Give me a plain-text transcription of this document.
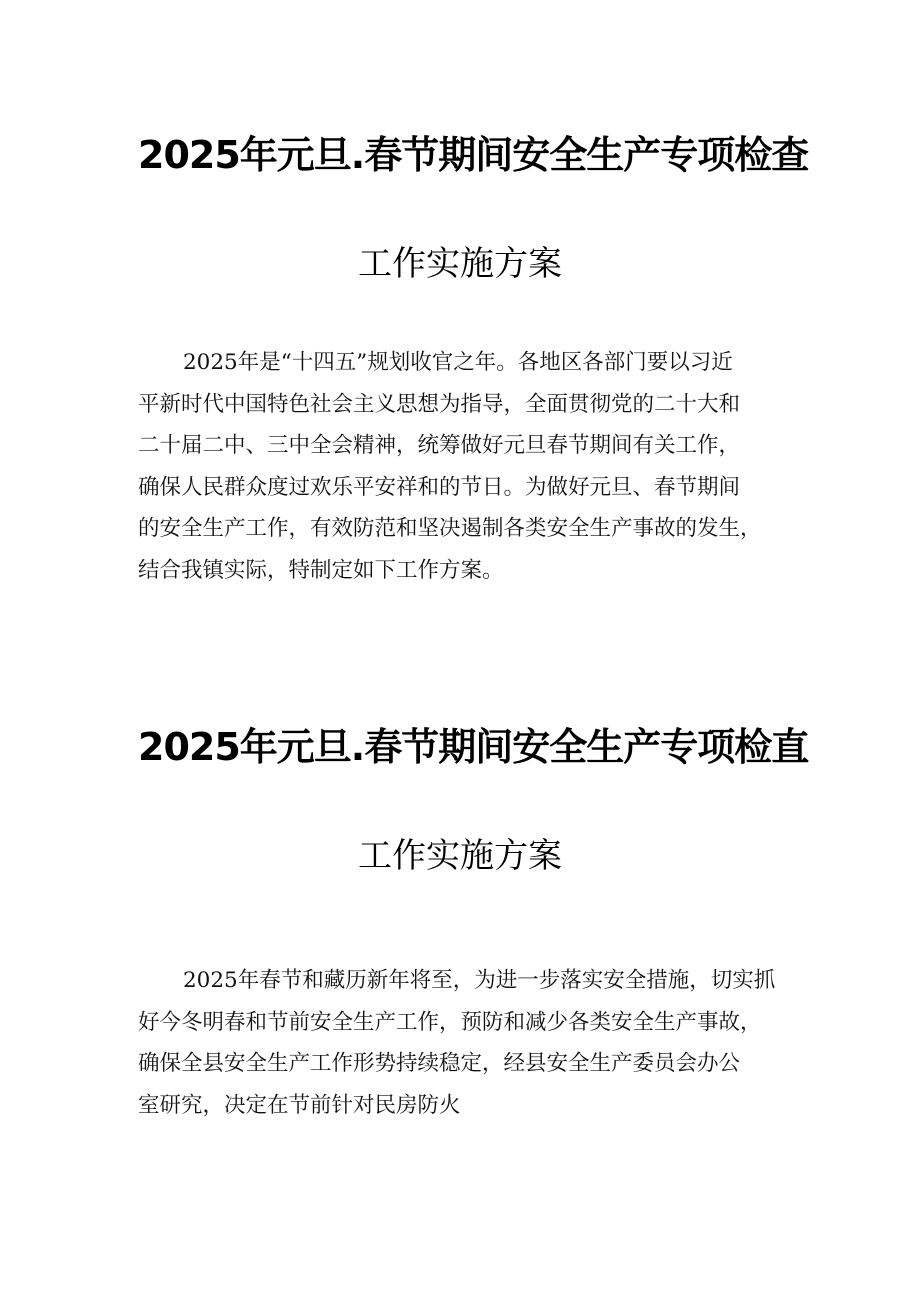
2025年元旦.春节期间安全生产专项检查
工作实施方案
2025年是“十四五”规划收官之年。各地区各部门要以习近
平新时代中国特色社会主义思想为指导，全面贯彻党的二十大和
二十届二中、三中全会精神，统筹做好元旦春节期间有关工作，
确保人民群众度过欢乐平安祥和的节日。为做好元旦、春节期间
的安全生产工作，有效防范和坚决遏制各类安全生产事故的发生，
结合我镇实际，特制定如下工作方案。
2025年元旦.春节期间安全生产专项检直
工作实施方案
2025年春节和藏历新年将至，为进一步落实安全措施，切实抓
好今冬明春和节前安全生产工作，预防和减少各类安全生产事故，
确保全县安全生产工作形势持续稳定，经县安全生产委员会办公
室研究，决定在节前针对民房防火
